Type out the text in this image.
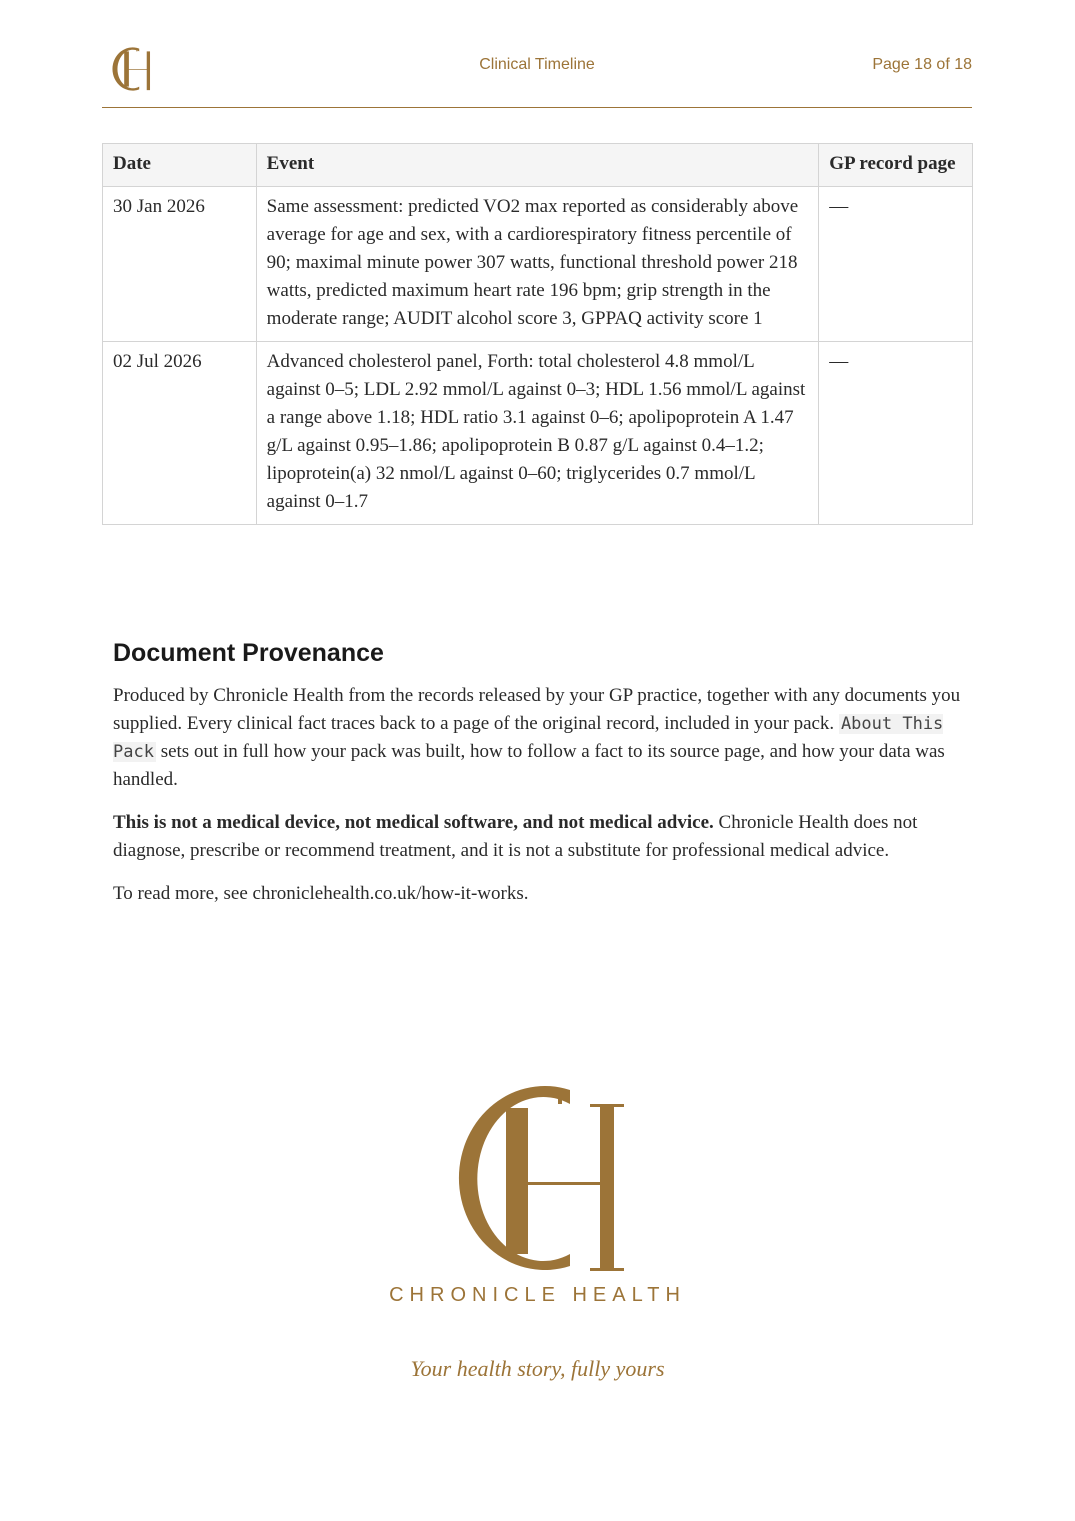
Clinical Timeline	Page 18 of 18
Date	Event	GP record page
30 Jan 2026	Same assessment: predicted VO2 max reported as considerably above average for age and sex, with a cardiorespiratory fitness percentile of 90; maximal minute power 307 watts, functional threshold power 218 watts, predicted maximum heart rate 196 bpm; grip strength in the moderate range; AUDIT alcohol score 3, GPPAQ activity score 1	—
02 Jul 2026	Advanced cholesterol panel, Forth: total cholesterol 4.8 mmol/L against 0–5; LDL 2.92 mmol/L against 0–3; HDL 1.56 mmol/L against a range above 1.18; HDL ratio 3.1 against 0–6; apolipoprotein A 1.47 g/L against 0.95–1.86; apolipoprotein B 0.87 g/L against 0.4–1.2; lipoprotein(a) 32 nmol/L against 0–60; triglycerides 0.7 mmol/L against 0–1.7	—
Document Provenance

Produced by Chronicle Health from the records released by your GP practice, together with any documents you supplied. Every clinical fact traces back to a page of the original record, included in your pack. About This Pack sets out in full how your pack was built, how to follow a fact to its source page, and how your data was handled.

This is not a medical device, not medical software, and not medical advice. Chronicle Health does not diagnose, prescribe or recommend treatment, and it is not a substitute for professional medical advice.

To read more, see chroniclehealth.co.uk/how-it-works.

CHRONICLE HEALTH
Your health story, fully yours
